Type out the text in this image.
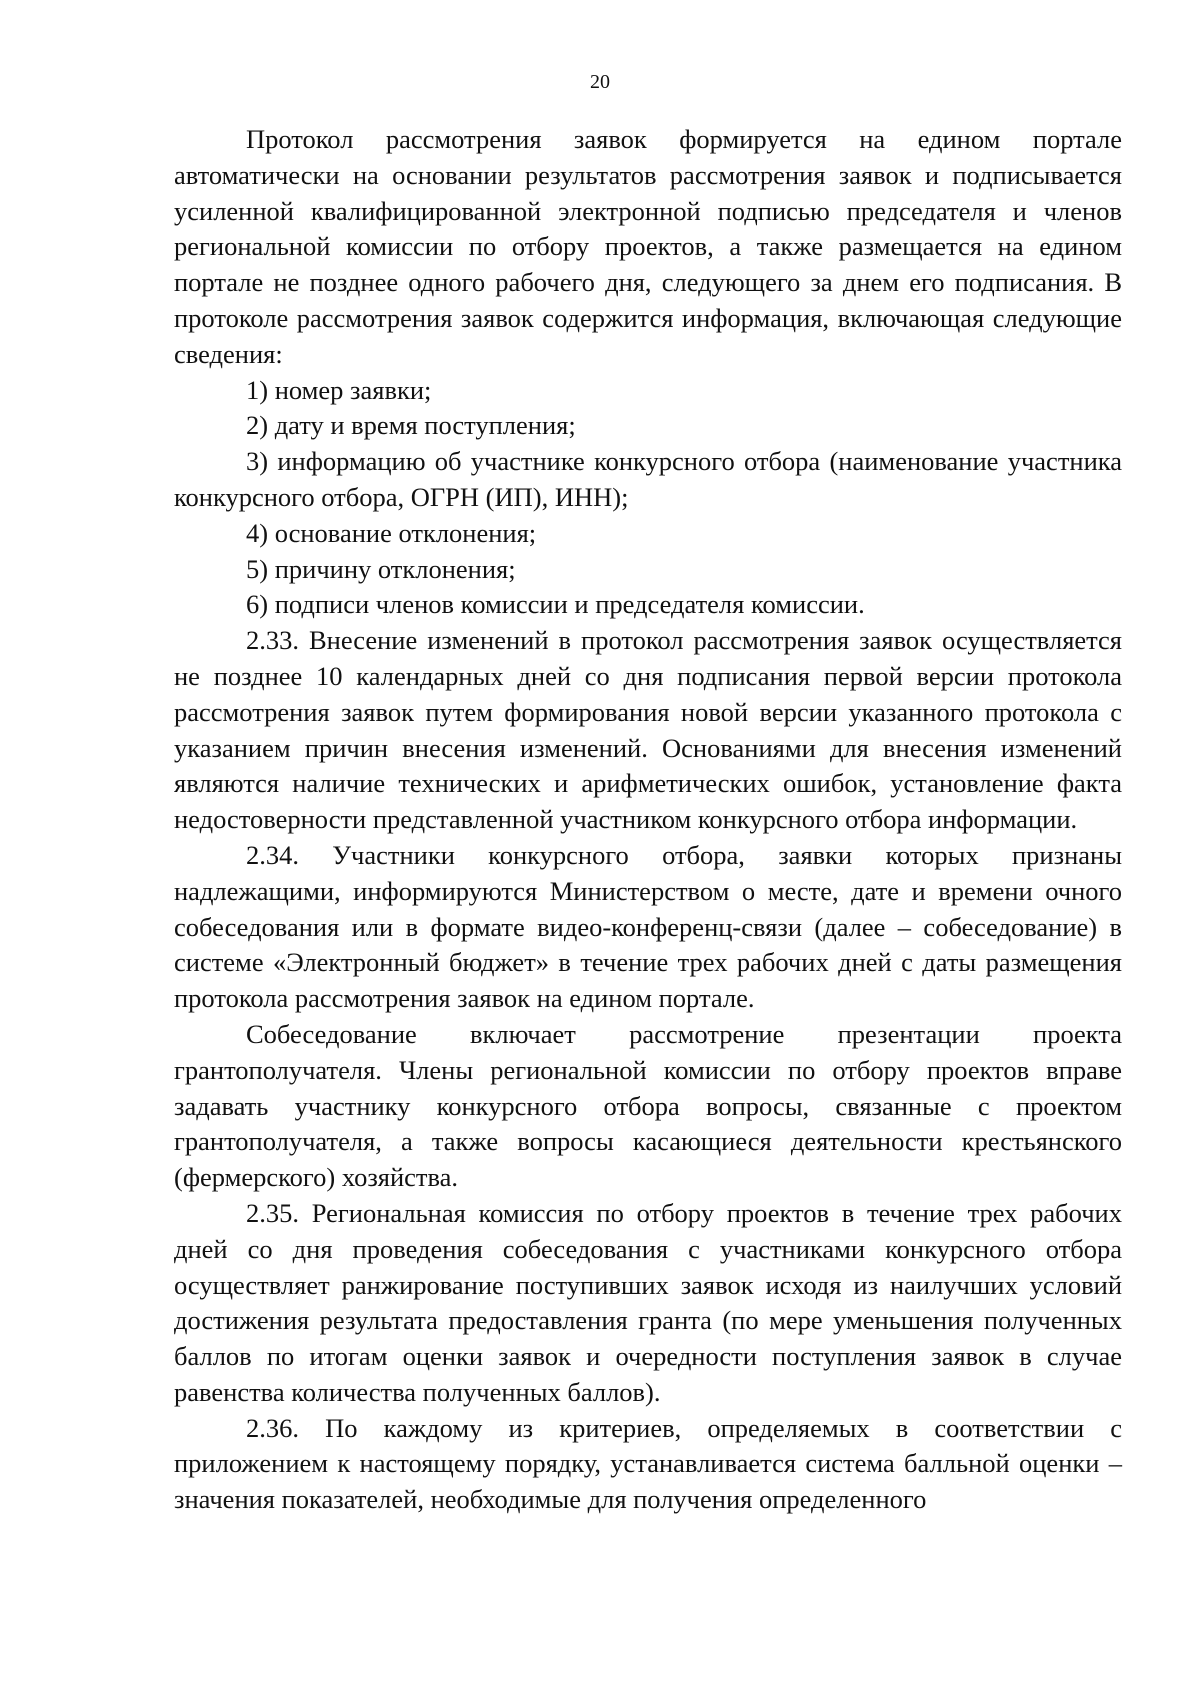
20

Протокол рассмотрения заявок формируется на едином портале автоматически на основании результатов рассмотрения заявок и подписывается усиленной квалифицированной электронной подписью председателя и членов региональной комиссии по отбору проектов, а также размещается на едином портале не позднее одного рабочего дня, следующего за днем его подписания. В протоколе рассмотрения заявок содержится информация, включающая следующие сведения:

1) номер заявки;

2) дату и время поступления;

3) информацию об участнике конкурсного отбора (наименование участника конкурсного отбора, ОГРН (ИП), ИНН);

4) основание отклонения;

5) причину отклонения;

6) подписи членов комиссии и председателя комиссии.

2.33. Внесение изменений в протокол рассмотрения заявок осуществляется не позднее 10 календарных дней со дня подписания первой версии протокола рассмотрения заявок путем формирования новой версии указанного протокола с указанием причин внесения изменений. Основаниями для внесения изменений являются наличие технических и арифметических ошибок, установление факта недостоверности представленной участником конкурсного отбора информации.

2.34. Участники конкурсного отбора, заявки которых признаны надлежащими, информируются Министерством о месте, дате и времени очного собеседования или в формате видео-конференц-связи (далее – собеседование) в системе «Электронный бюджет» в течение трех рабочих дней с даты размещения протокола рассмотрения заявок на едином портале.

Собеседование включает рассмотрение презентации проекта грантополучателя. Члены региональной комиссии по отбору проектов вправе задавать участнику конкурсного отбора вопросы, связанные с проектом грантополучателя, а также вопросы касающиеся деятельности крестьянского (фермерского) хозяйства.

2.35. Региональная комиссия по отбору проектов в течение трех рабочих дней со дня проведения собеседования с участниками конкурсного отбора осуществляет ранжирование поступивших заявок исходя из наилучших условий достижения результата предоставления гранта (по мере уменьшения полученных баллов по итогам оценки заявок и очередности поступления заявок в случае равенства количества полученных баллов).

2.36. По каждому из критериев, определяемых в соответствии с приложением к настоящему порядку, устанавливается система балльной оценки – значения показателей, необходимые для получения определенного
